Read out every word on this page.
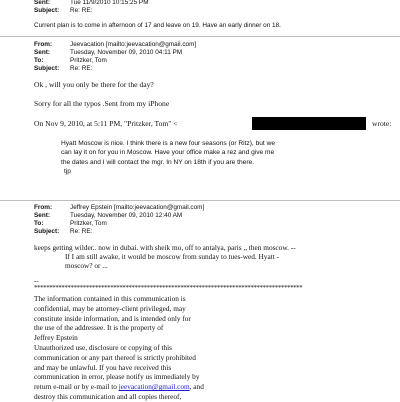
Sent:	Tue 11/9/2010 10:15:25 PM
Subject: Re: RE:
Current plan is to come in afternoon of 17 and leave on 19. Have an early dinner on 18.
From:	Jeevacation [mailto:jeevacation@gmail.com]
Sent:	Tuesday, November 09, 2010 04:11 PM
To:	Pritzker, Tom
Subject: Re: RE:
Ok , will you only be there for the day?
Sorry for all the typos .Sent from my iPhone
On Nov 9, 2010, at 5:11 PM, "Pritzker, Tom" <	wrote:
Hyatt Moscow is nice. I think there is a new four seasons (or Ritz), but we
can lay it on for you in Moscow. Have your office make a rez and give me
the dates and I will contact the mgr. In NY on 18th if you are there.
tjp
From:	Jeffrey Epstein [mailto:jeevacation@gmail.com]
Sent:	Tuesday, November 09, 2010 12:40 AM
To:	Pritzker, Tom
Subject: Re: RE:
keeps getting wilder.. now in dubai. with sheik mo, off to antalya, paris ,, then moscow. --
If I am still awake, it would be moscow from sunday to tues-wed. Hyatt -
moscow? or ...
--
****************************************************************************************
The information contained in this communication is
confidential, may be attorney-client privileged, may
constitute inside information, and is intended only for
the use of the addressee. It is the property of
Jeffrey Epstein
Unauthorized use, disclosure or copying of this
communication or any part thereof is strictly prohibited
and may be unlawful. If you have received this
communication in error, please notify us immediately by
return e-mail or by e-mail to jeevacation@gmail.com, and
destroy this communication and all copies thereof,
